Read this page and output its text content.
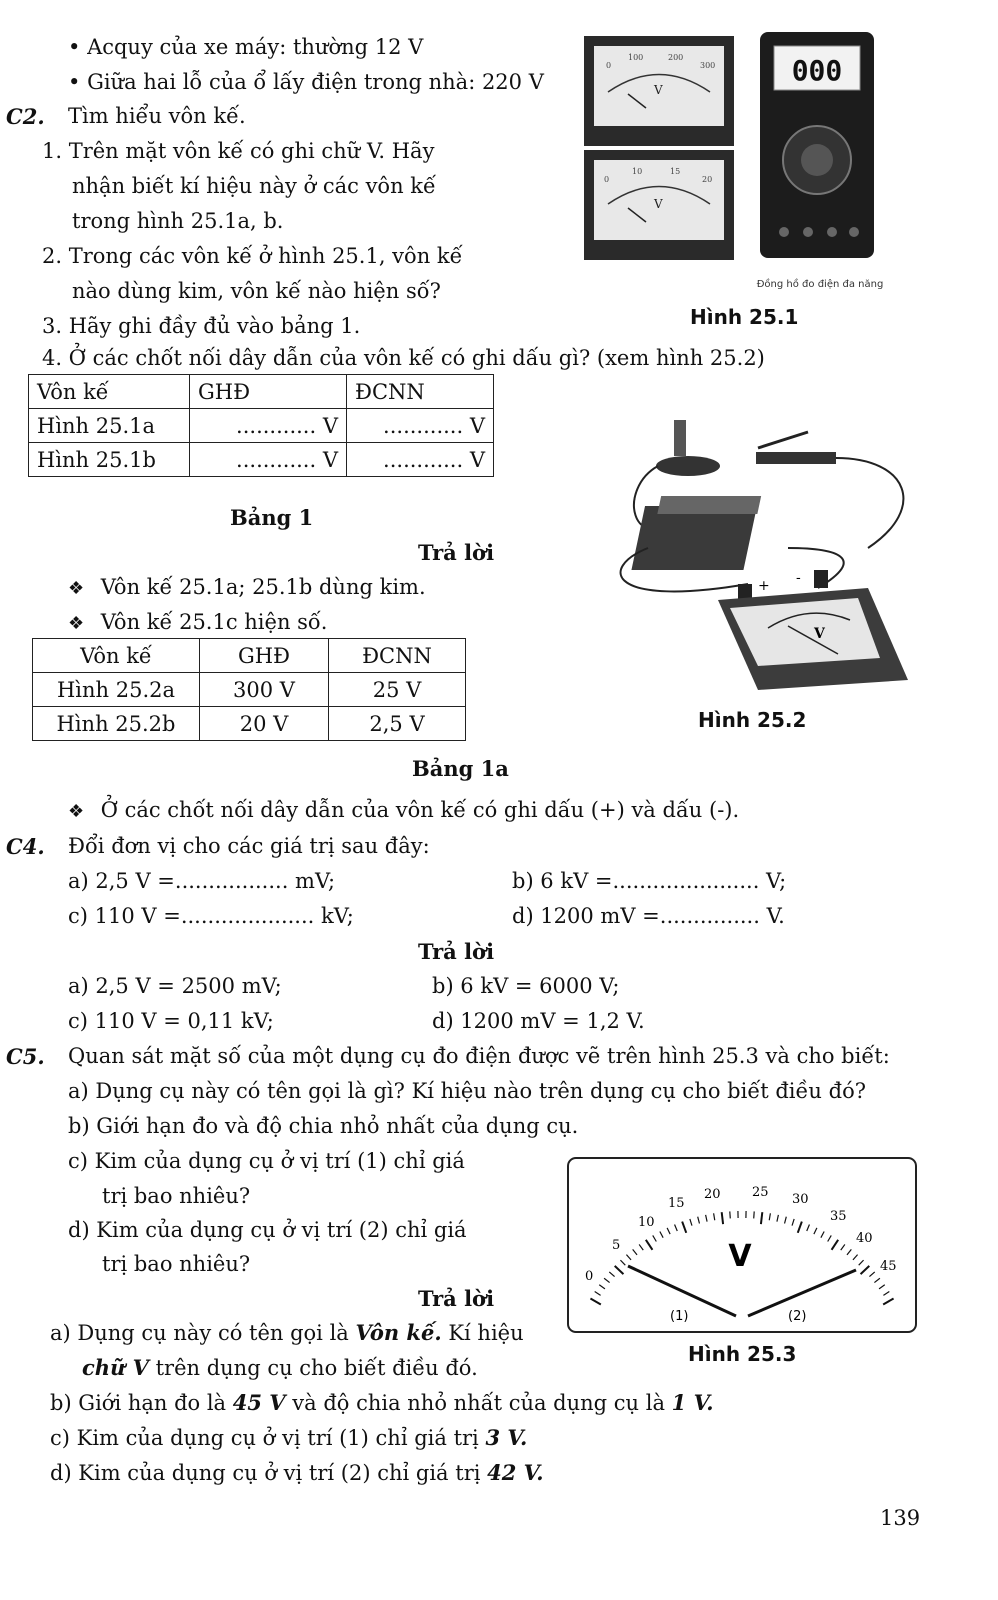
• Acquy của xe máy: thường 12 V
• Giữa hai lỗ của ổ lấy điện trong nhà: 220 V
C2. Tìm hiểu vôn kế.
1. Trên mặt vôn kế có ghi chữ V. Hãy
nhận biết kí hiệu này ở các vôn kế
trong hình 25.1a, b.
2. Trong các vôn kế ở hình 25.1, vôn kế
nào dùng kim, vôn kế nào hiện số?
3. Hãy ghi đầy đủ vào bảng 1.
4. Ở các chốt nối dây dẫn của vôn kế có ghi dấu gì? (xem hình 25.2)
0
100	200
300
V
0
10	15
20
V
000
Đồng hồ đo điện đa năng
Hình 25.1
Vôn kế	GHĐ	ĐCNN
Hình 25.1a	............ V	............ V
Hình 25.1b	............ V	............ V
Bảng 1
Trả lời
❖ Vôn kế 25.1a; 25.1b dùng kim.
❖ Vôn kế 25.1c hiện số.
Vôn kế	GHĐ	ĐCNN
Hình 25.2a	300 V	25 V
Hình 25.2b	20 V	2,5 V
Bảng 1a
+ -
V
Hình 25.2
❖ Ở các chốt nối dây dẫn của vôn kế có ghi dấu (+) và dấu (-).
C4. Đổi đơn vị cho các giá trị sau đây:
a) 2,5 V =................. mV;	b) 6 kV =...................... V;
c) 110 V =.................... kV;	d) 1200 mV =............... V.
Trả lời
a) 2,5 V = 2500 mV;	b) 6 kV = 6000 V;
c) 110 V = 0,11 kV;	d) 1200 mV = 1,2 V.
C5. Quan sát mặt số của một dụng cụ đo điện được vẽ trên hình 25.3 và cho biết:
a) Dụng cụ này có tên gọi là gì? Kí hiệu nào trên dụng cụ cho biết điều đó?
b) Giới hạn đo và độ chia nhỏ nhất của dụng cụ.
c) Kim của dụng cụ ở vị trí (1) chỉ giá
trị bao nhiêu?
d) Kim của dụng cụ ở vị trí (2) chỉ giá
trị bao nhiêu?
Trả lời
0
5
10
15
20 25 30
35
40
45
V
(1)	(2)
Hình 25.3
a) Dụng cụ này có tên gọi là Vôn kế. Kí hiệu
chữ V trên dụng cụ cho biết điều đó.
b) Giới hạn đo là 45 V và độ chia nhỏ nhất của dụng cụ là 1 V.
c) Kim của dụng cụ ở vị trí (1) chỉ giá trị 3 V.
d) Kim của dụng cụ ở vị trí (2) chỉ giá trị 42 V.
139
